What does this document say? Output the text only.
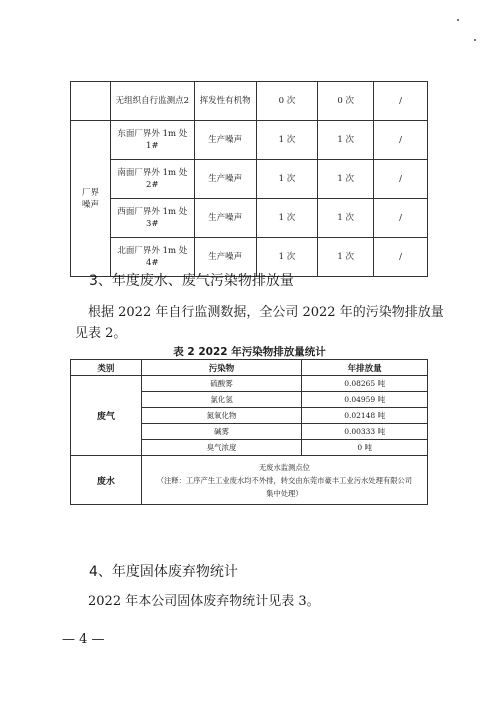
	无组织自行监测点2	挥发性有机物	0 次	0 次	/
厂界噪声	东面厂界外 1m 处1#	生产噪声	1 次	1 次	/
	南面厂界外 1m 处2#	生产噪声	1 次	1 次	/
	西面厂界外 1m 处3#	生产噪声	1 次	1 次	/
	北面厂界外 1m 处4#	生产噪声	1 次	1 次	/
3、年度废水、废气污染物排放量
根据 2022 年自行监测数据，全公司 2022 年的污染物排放量
见表 2。
表 2 2022 年污染物排放量统计
类别	污染物	年排放量
废气	硫酸雾	0.08265 吨
	氯化氢	0.04959 吨
	氮氧化物	0.02148 吨
	碱雾	0.00333 吨
	臭气浓度	0 吨
废水	无废水监测点位
（注释：工序产生工业废水均不外排，转交由东莞市豪丰工业污水处理有限公司集中处理）	
4、年度固体废弃物统计
2022 年本公司固体废弃物统计见表 3。
— 4 —
